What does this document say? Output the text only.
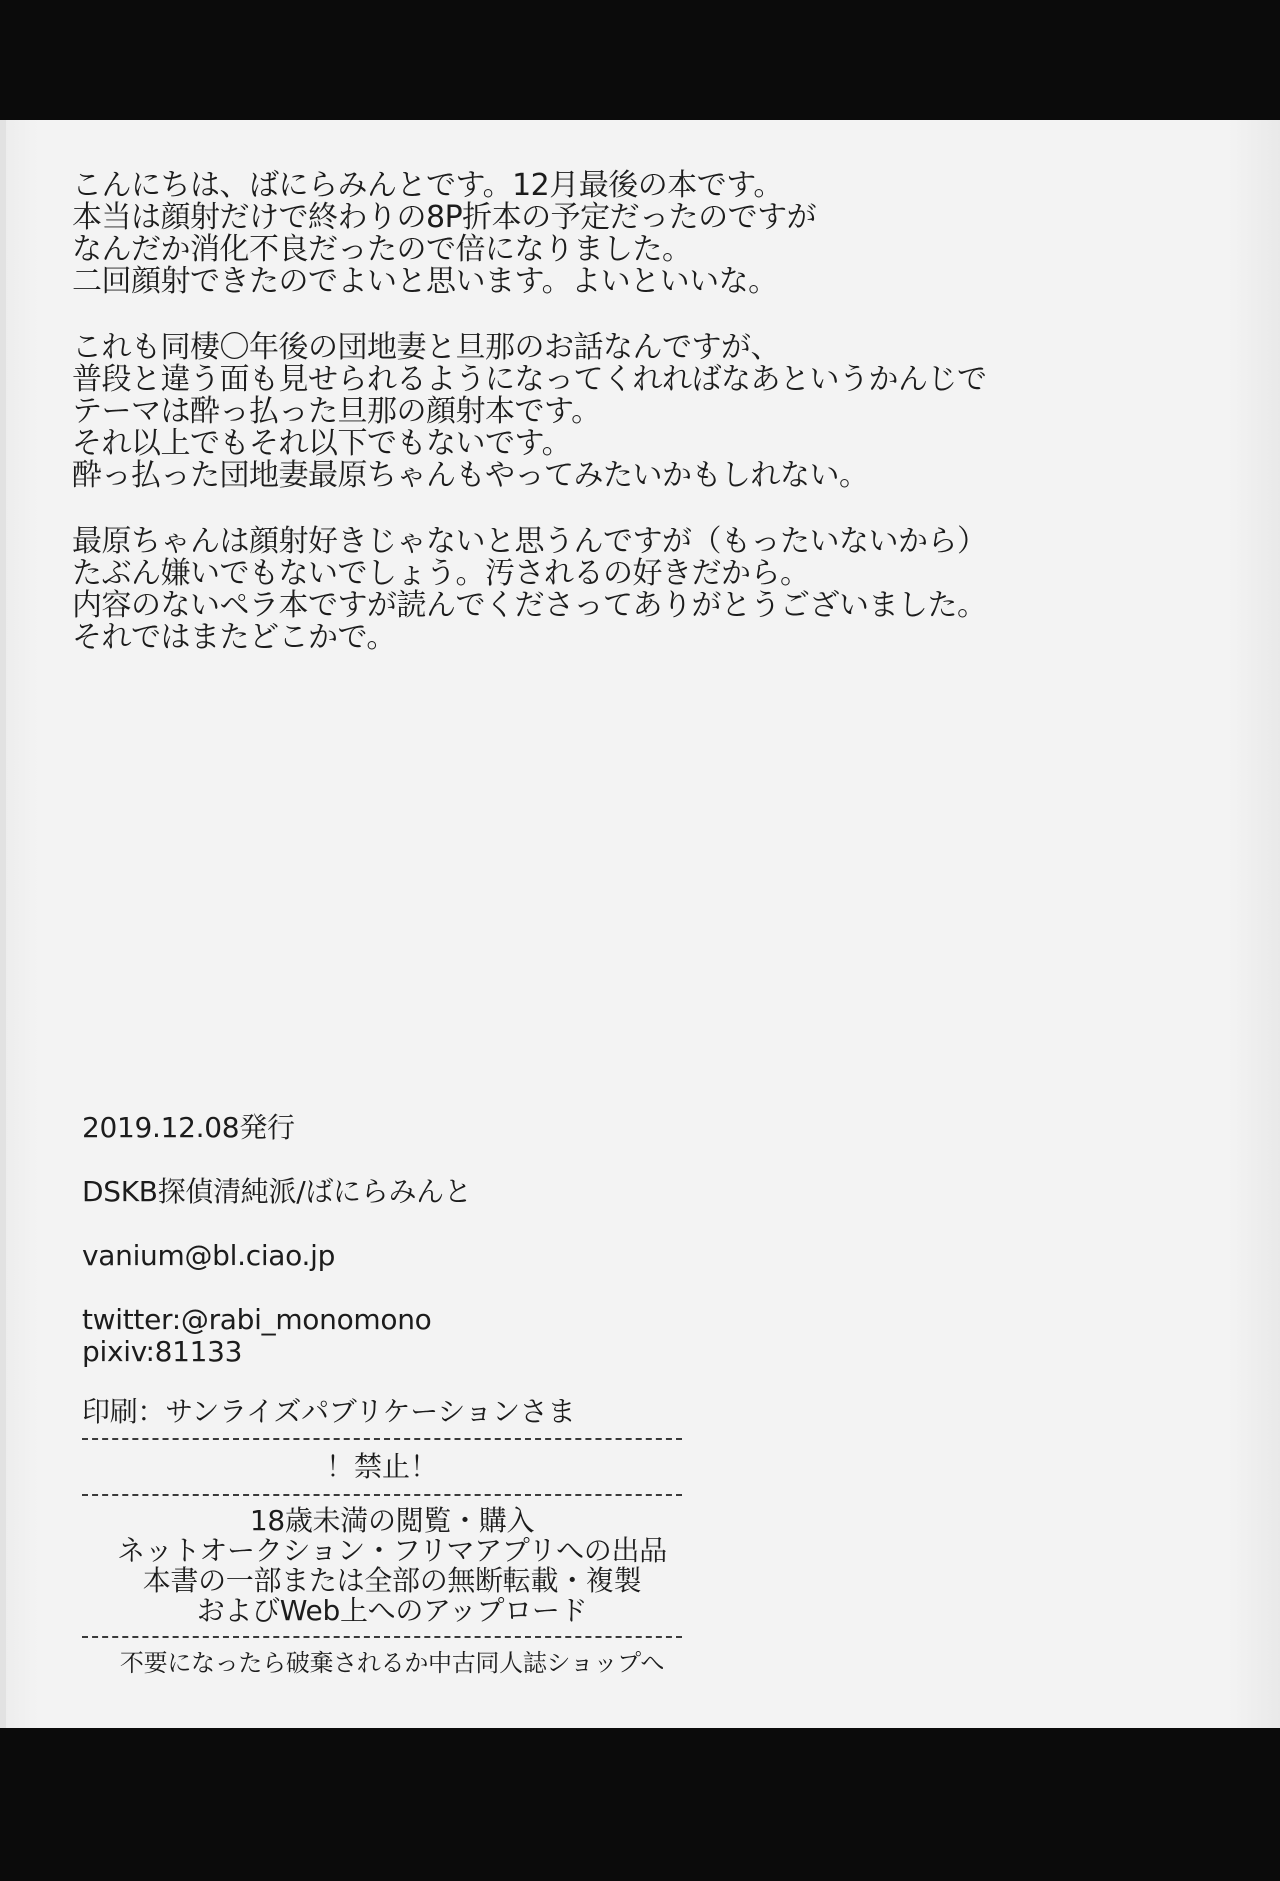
こんにちは、ばにらみんとです。12月最後の本です。
本当は顔射だけで終わりの8P折本の予定だったのですが
なんだか消化不良だったので倍になりました。
二回顔射できたのでよいと思います。よいといいな。
これも同棲〇年後の団地妻と旦那のお話なんですが、
普段と違う面も見せられるようになってくれればなあというかんじで
テーマは酔っ払った旦那の顔射本です。
それ以上でもそれ以下でもないです。
酔っ払った団地妻最原ちゃんもやってみたいかもしれない。
最原ちゃんは顔射好きじゃないと思うんですが（もったいないから）
たぶん嫌いでもないでしょう。汚されるの好きだから。
内容のないペラ本ですが読んでくださってありがとうございました。
それではまたどこかで。
2019.12.08発行
DSKB探偵清純派/ばにらみんと
vanium@bl.ciao.jp
twitter:@rabi_monomono
pixiv:81133
印刷：サンライズパブリケーションさま
！禁止！
18歳未満の閲覧・購入
ネットオークション・フリマアプリへの出品
本書の一部または全部の無断転載・複製
およびWeb上へのアップロード
不要になったら破棄されるか中古同人誌ショップへ
